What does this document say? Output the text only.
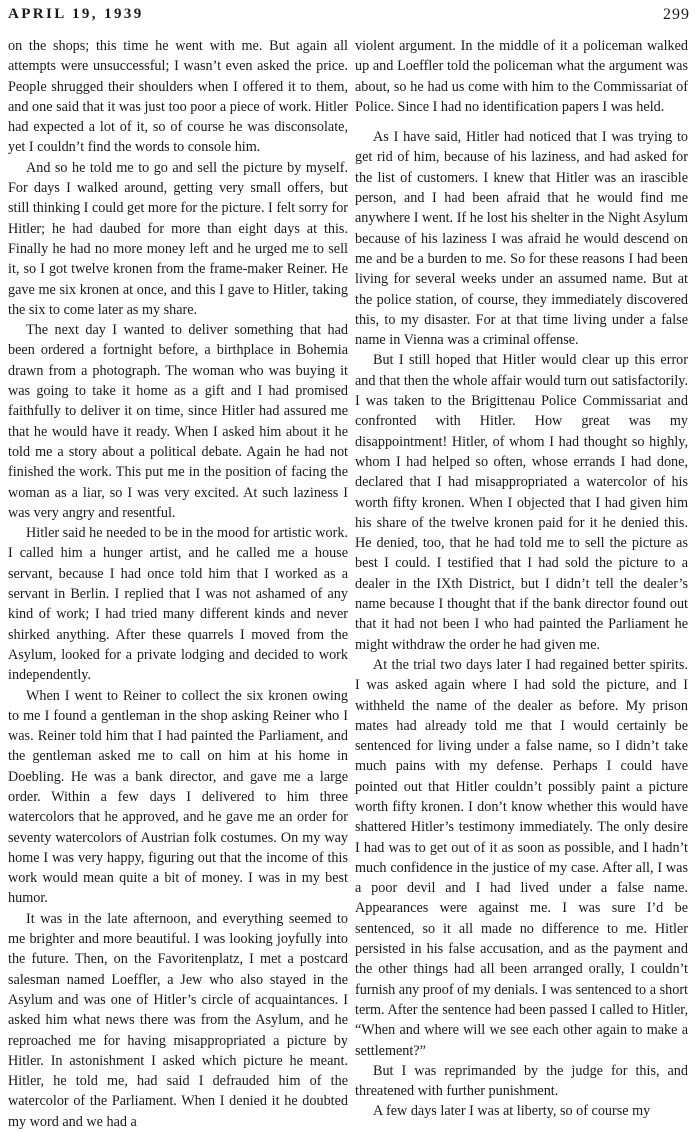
APRIL 19, 1939	299

on the shops; this time he went with me. But again all attempts were unsuccessful; I wasn’t even asked the price. People shrugged their shoulders when I offered it to them, and one said that it was just too poor a piece of work. Hitler had expected a lot of it, so of course he was disconsolate, yet I couldn’t find the words to console him.

And so he told me to go and sell the picture by myself. For days I walked around, getting very small offers, but still thinking I could get more for the picture. I felt sorry for Hitler; he had daubed for more than eight days at this. Finally he had no more money left and he urged me to sell it, so I got twelve kronen from the frame-maker Reiner. He gave me six kronen at once, and this I gave to Hitler, taking the six to come later as my share.

The next day I wanted to deliver something that had been ordered a fortnight before, a birthplace in Bohemia drawn from a photograph. The woman who was buying it was going to take it home as a gift and I had promised faithfully to deliver it on time, since Hitler had assured me that he would have it ready. When I asked him about it he told me a story about a political debate. Again he had not finished the work. This put me in the position of facing the woman as a liar, so I was very excited. At such laziness I was very angry and resentful.

Hitler said he needed to be in the mood for artistic work. I called him a hunger artist, and he called me a house servant, because I had once told him that I worked as a servant in Berlin. I replied that I was not ashamed of any kind of work; I had tried many different kinds and never shirked anything. After these quarrels I moved from the Asylum, looked for a private lodging and decided to work independently.

When I went to Reiner to collect the six kronen owing to me I found a gentleman in the shop asking Reiner who I was. Reiner told him that I had painted the Parliament, and the gentleman asked me to call on him at his home in Doebling. He was a bank director, and gave me a large order. Within a few days I delivered to him three watercolors that he approved, and he gave me an order for seventy watercolors of Austrian folk costumes. On my way home I was very happy, figuring out that the income of this work would mean quite a bit of money. I was in my best humor.

It was in the late afternoon, and everything seemed to me brighter and more beautiful. I was looking joyfully into the future. Then, on the Favoritenplatz, I met a postcard salesman named Loeffler, a Jew who also stayed in the Asylum and was one of Hitler’s circle of acquaintances. I asked him what news there was from the Asylum, and he reproached me for having misappropriated a picture by Hitler. In astonishment I asked which picture he meant. Hitler, he told me, had said I defrauded him of the watercolor of the Parliament. When I denied it he doubted my word and we had a

violent argument. In the middle of it a policeman walked up and Loeffler told the policeman what the argument was about, so he had us come with him to the Commissariat of Police. Since I had no identification papers I was held.

As I have said, Hitler had noticed that I was trying to get rid of him, because of his laziness, and had asked for the list of customers. I knew that Hitler was an irascible person, and I had been afraid that he would find me anywhere I went. If he lost his shelter in the Night Asylum because of his laziness I was afraid he would descend on me and be a burden to me. So for these reasons I had been living for several weeks under an assumed name. But at the police station, of course, they immediately discovered this, to my disaster. For at that time living under a false name in Vienna was a criminal offense.

But I still hoped that Hitler would clear up this error and that then the whole affair would turn out satisfactorily. I was taken to the Brigittenau Police Commissariat and confronted with Hitler. How great was my disappointment! Hitler, of whom I had thought so highly, whom I had helped so often, whose errands I had done, declared that I had misappropriated a watercolor of his worth fifty kronen. When I objected that I had given him his share of the twelve kronen paid for it he denied this. He denied, too, that he had told me to sell the picture as best I could. I testified that I had sold the picture to a dealer in the IXth District, but I didn’t tell the dealer’s name because I thought that if the bank director found out that it had not been I who had painted the Parliament he might withdraw the order he had given me.

At the trial two days later I had regained better spirits. I was asked again where I had sold the picture, and I withheld the name of the dealer as before. My prison mates had already told me that I would certainly be sentenced for living under a false name, so I didn’t take much pains with my defense. Perhaps I could have pointed out that Hitler couldn’t possibly paint a picture worth fifty kronen. I don’t know whether this would have shattered Hitler’s testimony immediately. The only desire I had was to get out of it as soon as possible, and I hadn’t much confidence in the justice of my case. After all, I was a poor devil and I had lived under a false name. Appearances were against me. I was sure I’d be sentenced, so it all made no difference to me. Hitler persisted in his false accusation, and as the payment and the other things had all been arranged orally, I couldn’t furnish any proof of my denials. I was sentenced to a short term. After the sentence had been passed I called to Hitler, “When and where will we see each other again to make a settlement?”

But I was reprimanded by the judge for this, and threatened with further punishment.

A few days later I was at liberty, so of course my
